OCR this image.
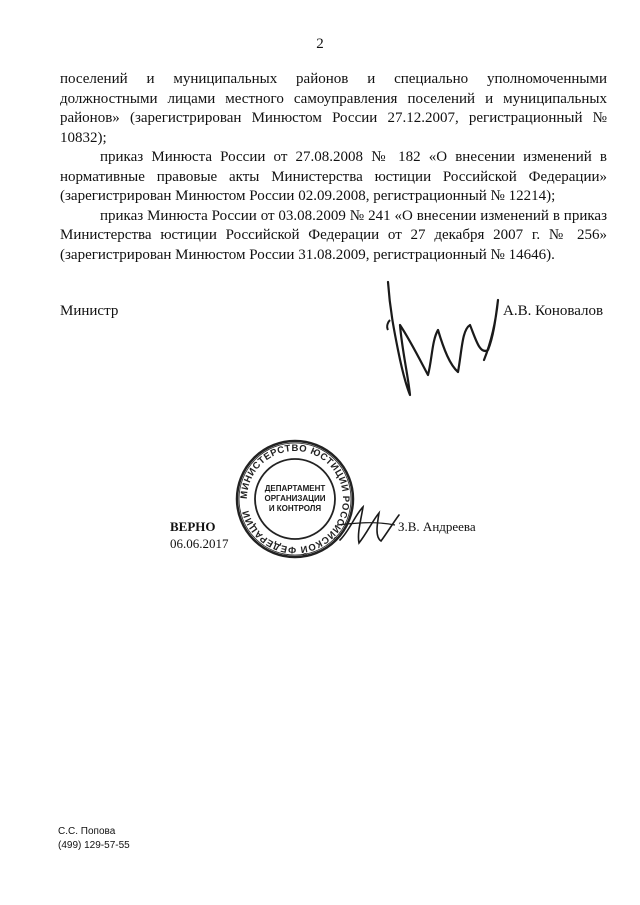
2

поселений и муниципальных районов и специально уполномоченными должностными лицами местного самоуправления поселений и муниципальных районов» (зарегистрирован Минюстом России 27.12.2007, регистрационный № 10832);

приказ Минюста России от 27.08.2008 № 182 «О внесении изменений в нормативные правовые акты Министерства юстиции Российской Федерации» (зарегистрирован Минюстом России 02.09.2008, регистрационный № 12214);

приказ Минюста России от 03.08.2009 № 241 «О внесении изменений в приказ Министерства юстиции Российской Федерации от 27 декабря 2007 г. № 256» (зарегистрирован Минюстом России 31.08.2009, регистрационный № 14646).

Министр	А.В. Коновалов
МИНИСТЕРСТВО ЮСТИЦИИ РОССИЙСКОЙ ФЕДЕРАЦИИ
ДЕПАРТАМЕНТ
ОРГАНИЗАЦИИ
И КОНТРОЛЯ
ВЕРНО
06.06.2017
З.В. Андреева
С.С. Попова
(499) 129-57-55
